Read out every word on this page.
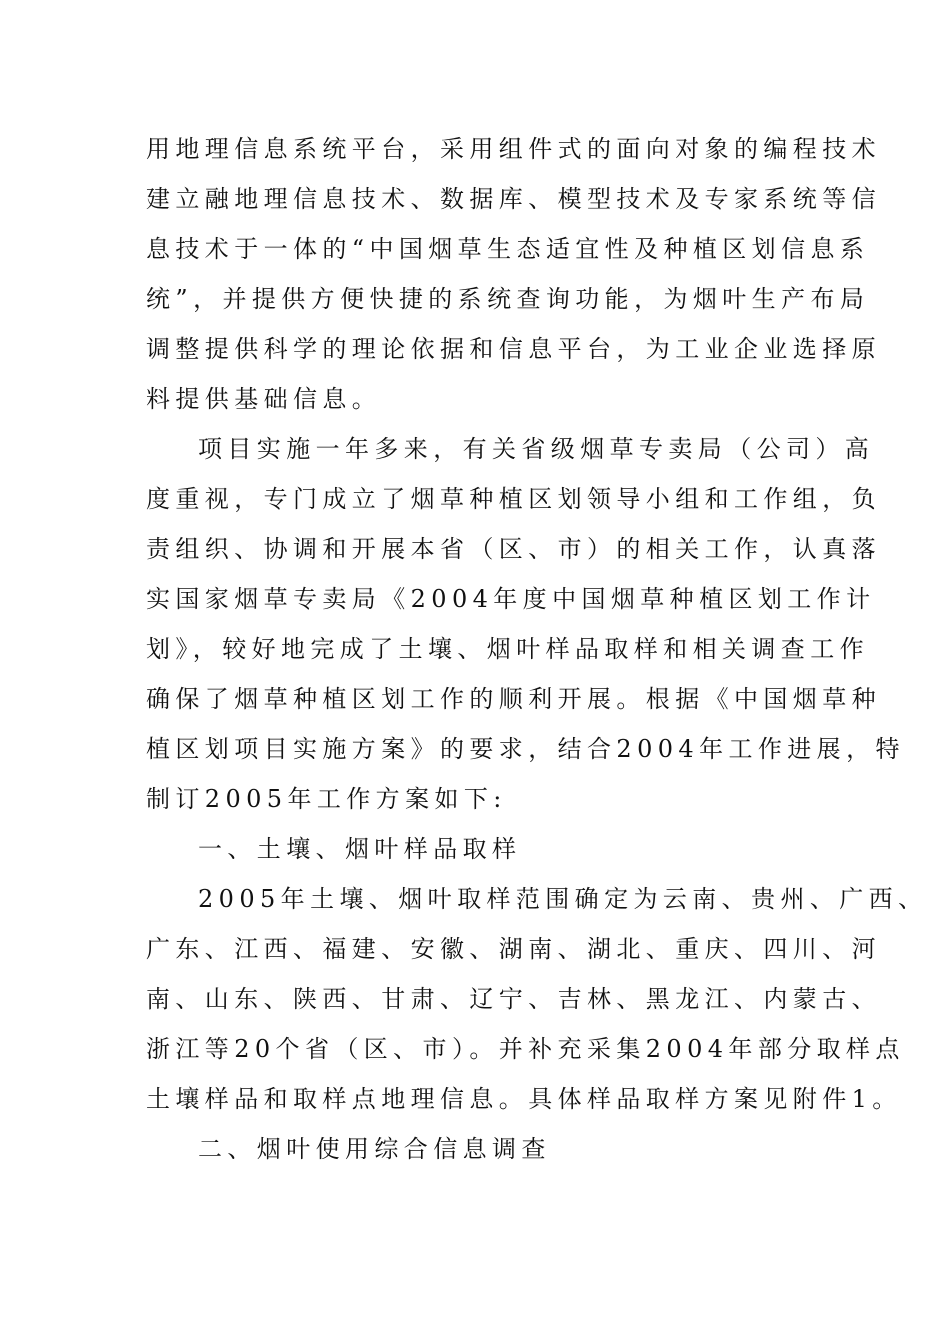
用地理信息系统平台，采用组件式的面向对象的编程技术
建立融地理信息技术、数据库、模型技术及专家系统等信
息技术于一体的“中国烟草生态适宜性及种植区划信息系
统”，并提供方便快捷的系统查询功能，为烟叶生产布局
调整提供科学的理论依据和信息平台，为工业企业选择原
料提供基础信息。
项目实施一年多来，有关省级烟草专卖局（公司）高
度重视，专门成立了烟草种植区划领导小组和工作组，负
责组织、协调和开展本省（区、市）的相关工作，认真落
实国家烟草专卖局《2004年度中国烟草种植区划工作计
划》，较好地完成了土壤、烟叶样品取样和相关调查工作
确保了烟草种植区划工作的顺利开展。根据《中国烟草种
植区划项目实施方案》的要求，结合2004年工作进展，特
制订2005年工作方案如下:
一、土壤、烟叶样品取样
2005年土壤、烟叶取样范围确定为云南、贵州、广西、
广东、江西、福建、安徽、湖南、湖北、重庆、四川、河
南、山东、陕西、甘肃、辽宁、吉林、黑龙江、内蒙古、
浙江等20个省（区、市）。并补充采集2004年部分取样点
土壤样品和取样点地理信息。具体样品取样方案见附件1。
二、烟叶使用综合信息调查
